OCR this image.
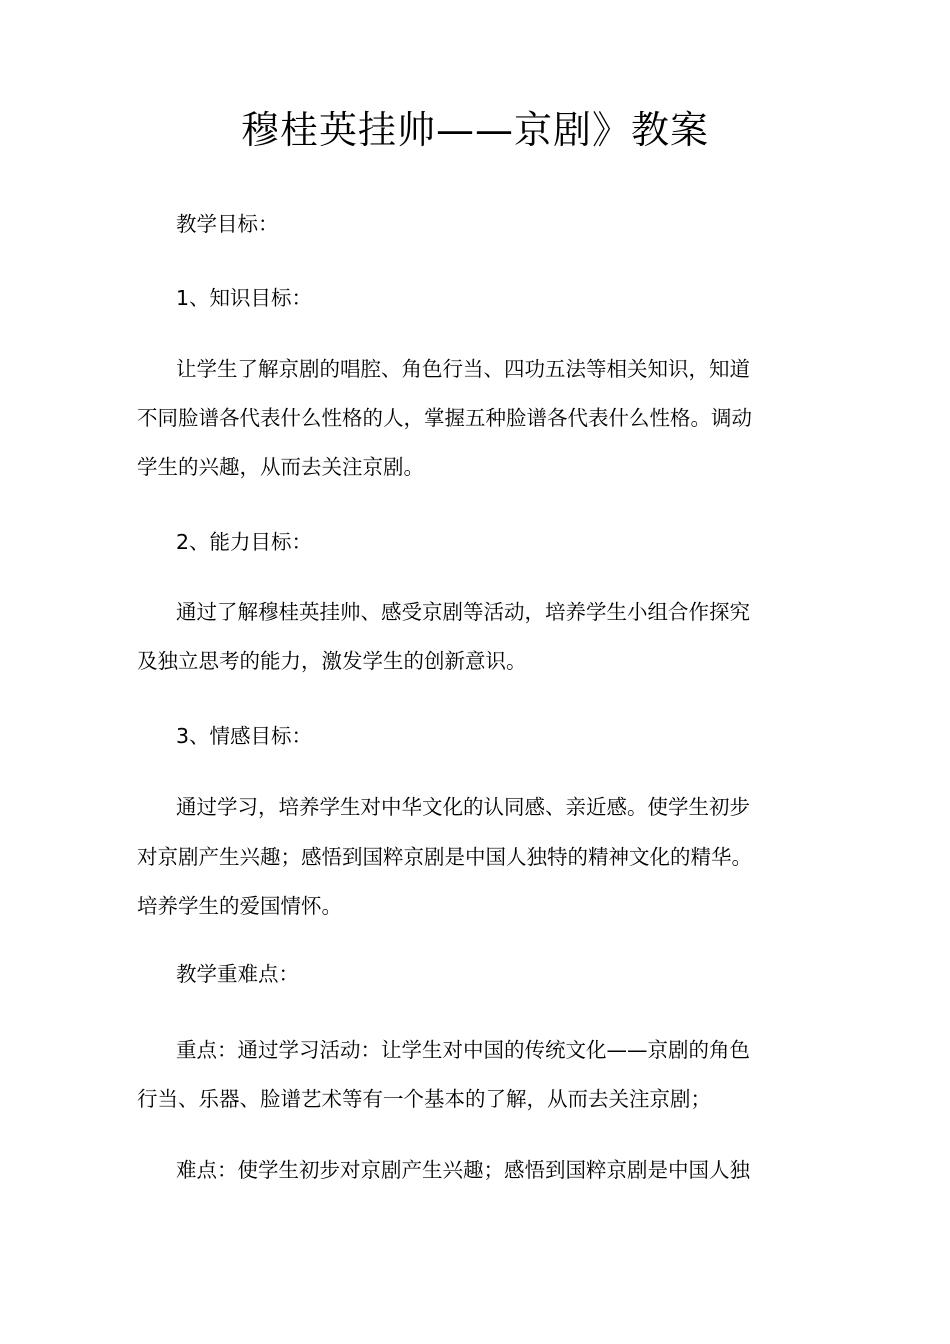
穆桂英挂帅——京剧》教案
教学目标：
1、知识目标：
让学生了解京剧的唱腔、角色行当、四功五法等相关知识，知道
不同脸谱各代表什么性格的人，掌握五种脸谱各代表什么性格。调动
学生的兴趣，从而去关注京剧。
2、能力目标：
通过了解穆桂英挂帅、感受京剧等活动，培养学生小组合作探究
及独立思考的能力，激发学生的创新意识。
3、情感目标：
通过学习，培养学生对中华文化的认同感、亲近感。使学生初步
对京剧产生兴趣；感悟到国粹京剧是中国人独特的精神文化的精华。
培养学生的爱国情怀。
教学重难点：
重点：通过学习活动：让学生对中国的传统文化——京剧的角色
行当、乐器、脸谱艺术等有一个基本的了解，从而去关注京剧；
难点：使学生初步对京剧产生兴趣；感悟到国粹京剧是中国人独
